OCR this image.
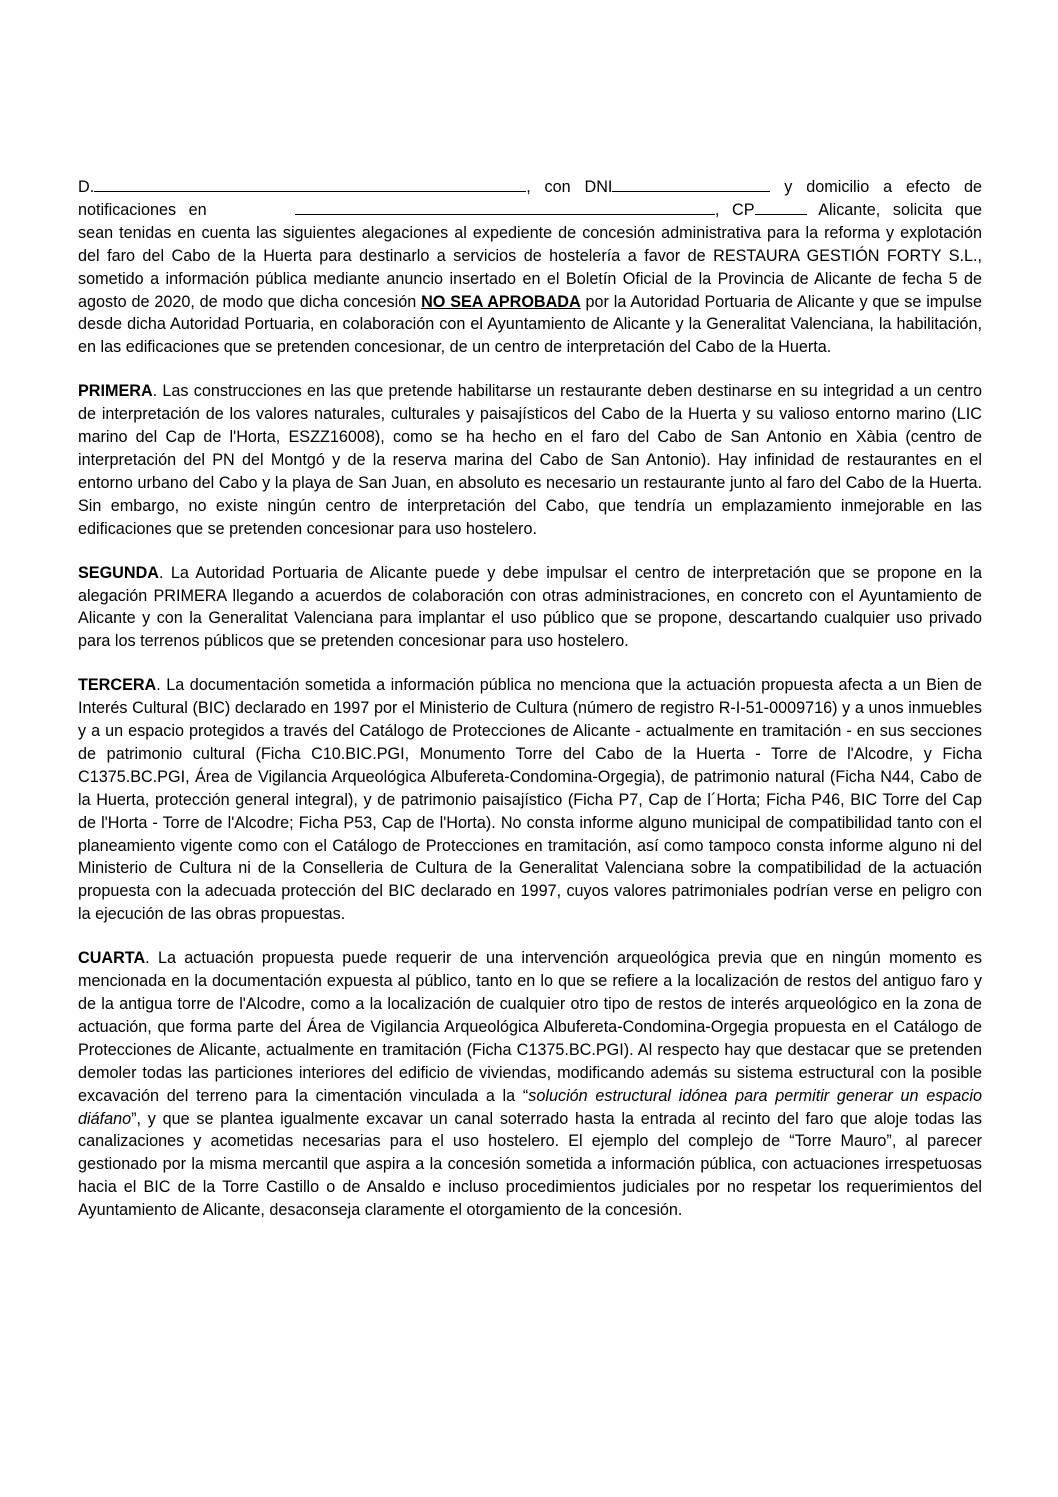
D.	, con DNI	y domicilio a efecto de
notificaciones en	, CP	Alicante, solicita que
sean tenidas en cuenta las siguientes alegaciones al expediente de concesión administrativa para la reforma y explotación del faro del Cabo de la Huerta para destinarlo a servicios de hostelería a favor de RESTAURA GESTIÓN FORTY S.L., sometido a información pública mediante anuncio insertado en el Boletín Oficial de la Provincia de Alicante de fecha 5 de agosto de 2020, de modo que dicha concesión NO SEA APROBADA por la Autoridad Portuaria de Alicante y que se impulse desde dicha Autoridad Portuaria, en colaboración con el Ayuntamiento de Alicante y la Generalitat Valenciana, la habilitación, en las edificaciones que se pretenden concesionar, de un centro de interpretación del Cabo de la Huerta.

PRIMERA. Las construcciones en las que pretende habilitarse un restaurante deben destinarse en su integridad a un centro de interpretación de los valores naturales, culturales y paisajísticos del Cabo de la Huerta y su valioso entorno marino (LIC marino del Cap de l'Horta, ESZZ16008), como se ha hecho en el faro del Cabo de San Antonio en Xàbia (centro de interpretación del PN del Montgó y de la reserva marina del Cabo de San Antonio). Hay infinidad de restaurantes en el entorno urbano del Cabo y la playa de San Juan, en absoluto es necesario un restaurante junto al faro del Cabo de la Huerta. Sin embargo, no existe ningún centro de interpretación del Cabo, que tendría un emplazamiento inmejorable en las edificaciones que se pretenden concesionar para uso hostelero.

SEGUNDA. La Autoridad Portuaria de Alicante puede y debe impulsar el centro de interpretación que se propone en la alegación PRIMERA llegando a acuerdos de colaboración con otras administraciones, en concreto con el Ayuntamiento de Alicante y con la Generalitat Valenciana para implantar el uso público que se propone, descartando cualquier uso privado para los terrenos públicos que se pretenden concesionar para uso hostelero.

TERCERA. La documentación sometida a información pública no menciona que la actuación propuesta afecta a un Bien de Interés Cultural (BIC) declarado en 1997 por el Ministerio de Cultura (número de registro R-I-51-0009716) y a unos inmuebles y a un espacio protegidos a través del Catálogo de Protecciones de Alicante - actualmente en tramitación - en sus secciones de patrimonio cultural (Ficha C10.BIC.PGI, Monumento Torre del Cabo de la Huerta - Torre de l'Alcodre, y Ficha C1375.BC.PGI, Área de Vigilancia Arqueológica Albufereta-Condomina-Orgegia), de patrimonio natural (Ficha N44, Cabo de la Huerta, protección general integral), y de patrimonio paisajístico (Ficha P7, Cap de l´Horta; Ficha P46, BIC Torre del Cap de l'Horta - Torre de l'Alcodre; Ficha P53, Cap de l'Horta). No consta informe alguno municipal de compatibilidad tanto con el planeamiento vigente como con el Catálogo de Protecciones en tramitación, así como tampoco consta informe alguno ni del Ministerio de Cultura ni de la Conselleria de Cultura de la Generalitat Valenciana sobre la compatibilidad de la actuación propuesta con la adecuada protección del BIC declarado en 1997, cuyos valores patrimoniales podrían verse en peligro con la ejecución de las obras propuestas.

CUARTA. La actuación propuesta puede requerir de una intervención arqueológica previa que en ningún momento es mencionada en la documentación expuesta al público, tanto en lo que se refiere a la localización de restos del antiguo faro y de la antigua torre de l'Alcodre, como a la localización de cualquier otro tipo de restos de interés arqueológico en la zona de actuación, que forma parte del Área de Vigilancia Arqueológica Albufereta-Condomina-Orgegia propuesta en el Catálogo de Protecciones de Alicante, actualmente en tramitación (Ficha C1375.BC.PGI). Al respecto hay que destacar que se pretenden demoler todas las particiones interiores del edificio de viviendas, modificando además su sistema estructural con la posible excavación del terreno para la cimentación vinculada a la “solución estructural idónea para permitir generar un espacio diáfano”, y que se plantea igualmente excavar un canal soterrado hasta la entrada al recinto del faro que aloje todas las canalizaciones y acometidas necesarias para el uso hostelero. El ejemplo del complejo de “Torre Mauro”, al parecer gestionado por la misma mercantil que aspira a la concesión sometida a información pública, con actuaciones irrespetuosas hacia el BIC de la Torre Castillo o de Ansaldo e incluso procedimientos judiciales por no respetar los requerimientos del Ayuntamiento de Alicante, desaconseja claramente el otorgamiento de la concesión.
